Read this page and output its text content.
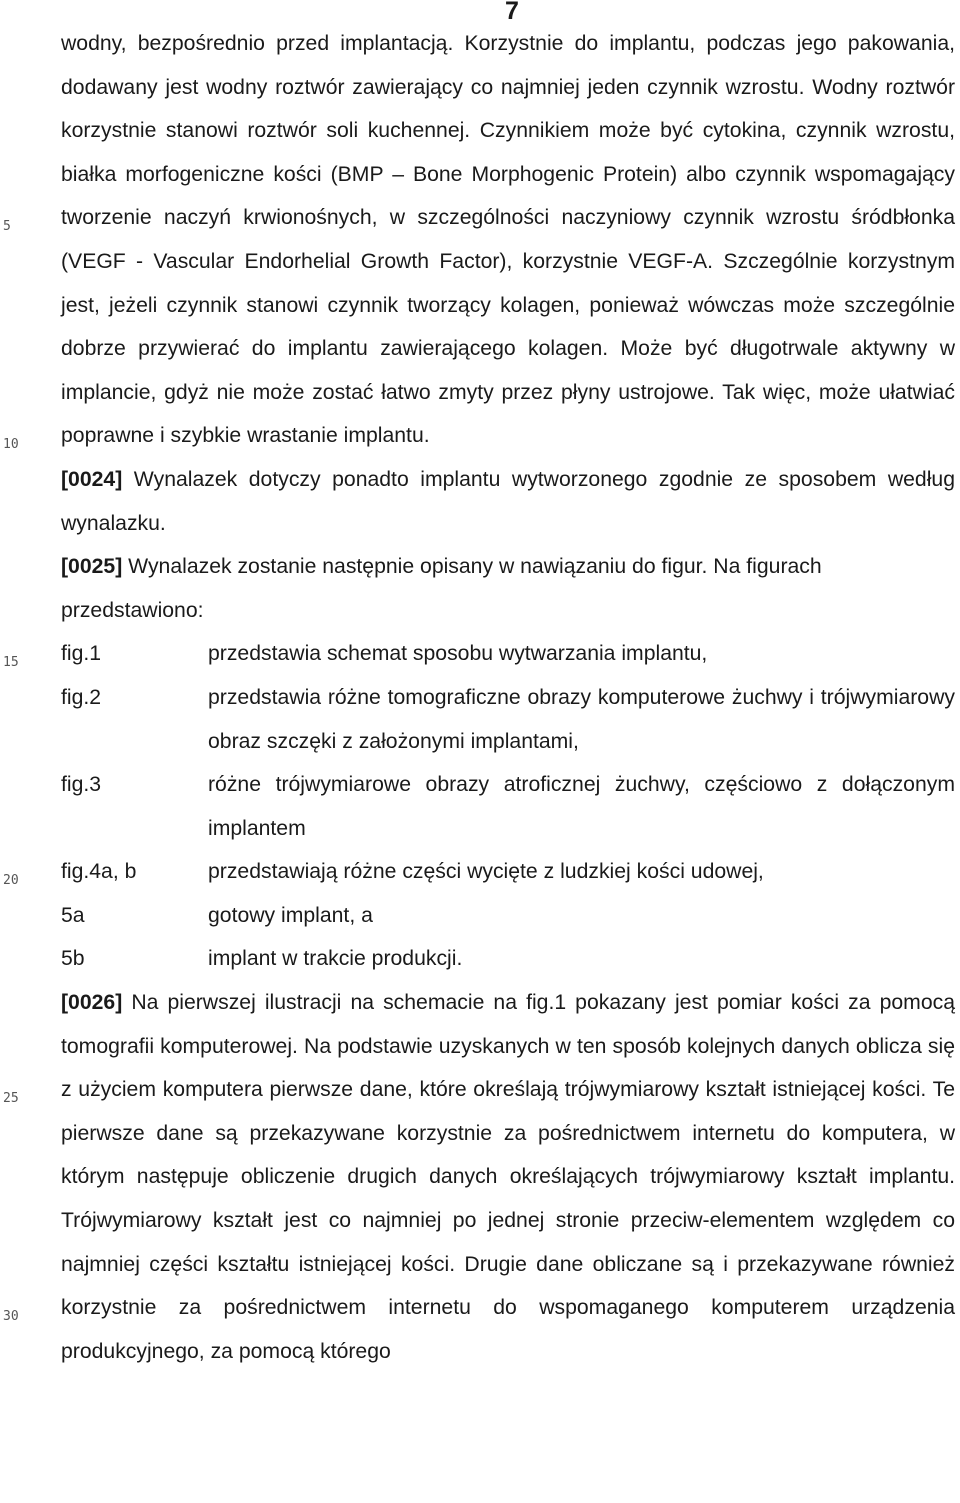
7
5
10
15
20
25
30

wodny, bezpośrednio przed implantacją. Korzystnie do implantu, podczas jego pakowania, dodawany jest wodny roztwór zawierający co najmniej jeden czynnik wzrostu. Wodny roztwór korzystnie stanowi roztwór soli kuchennej. Czynnikiem może być cytokina, czynnik wzrostu, białka morfogeniczne kości (BMP – Bone Morphogenic Protein) albo czynnik wspomagający tworzenie naczyń krwionośnych, w szczególności naczyniowy czynnik wzrostu śródbłonka (VEGF - Vascular Endorhelial Growth Factor), korzystnie VEGF-A. Szczególnie korzystnym jest, jeżeli czynnik stanowi czynnik tworzący kolagen, ponieważ wówczas może szczególnie dobrze przywierać do implantu zawierającego kolagen. Może być długotrwale aktywny w implancie, gdyż nie może zostać łatwo zmyty przez płyny ustrojowe. Tak więc, może ułatwiać poprawne i szybkie wrastanie implantu.

[0024] Wynalazek dotyczy ponadto implantu wytworzonego zgodnie ze sposobem według wynalazku.

[0025] Wynalazek zostanie następnie opisany w nawiązaniu do figur. Na figurach przedstawiono:

fig.1	przedstawia schemat sposobu wytwarzania implantu,
fig.2	przedstawia różne tomograficzne obrazy komputerowe żuchwy i trójwymiarowy obraz szczęki z założonymi implantami,
fig.3	różne trójwymiarowe obrazy atroficznej żuchwy, częściowo z dołączonym implantem
fig.4a, b	przedstawiają różne części wycięte z ludzkiej kości udowej,
5a	gotowy implant, a
5b	implant w trakcie produkcji.

[0026] Na pierwszej ilustracji na schemacie na fig.1 pokazany jest pomiar kości za pomocą tomografii komputerowej. Na podstawie uzyskanych w ten sposób kolejnych danych oblicza się z użyciem komputera pierwsze dane, które określają trójwymiarowy kształt istniejącej kości. Te pierwsze dane są przekazywane korzystnie za pośrednictwem internetu do komputera, w którym następuje obliczenie drugich danych określających trójwymiarowy kształt implantu. Trójwymiarowy kształt jest co najmniej po jednej stronie przeciw-elementem względem co najmniej części kształtu istniejącej kości. Drugie dane obliczane są i przekazywane również korzystnie za pośrednictwem internetu do wspomaganego komputerem urządzenia produkcyjnego, za pomocą którego
